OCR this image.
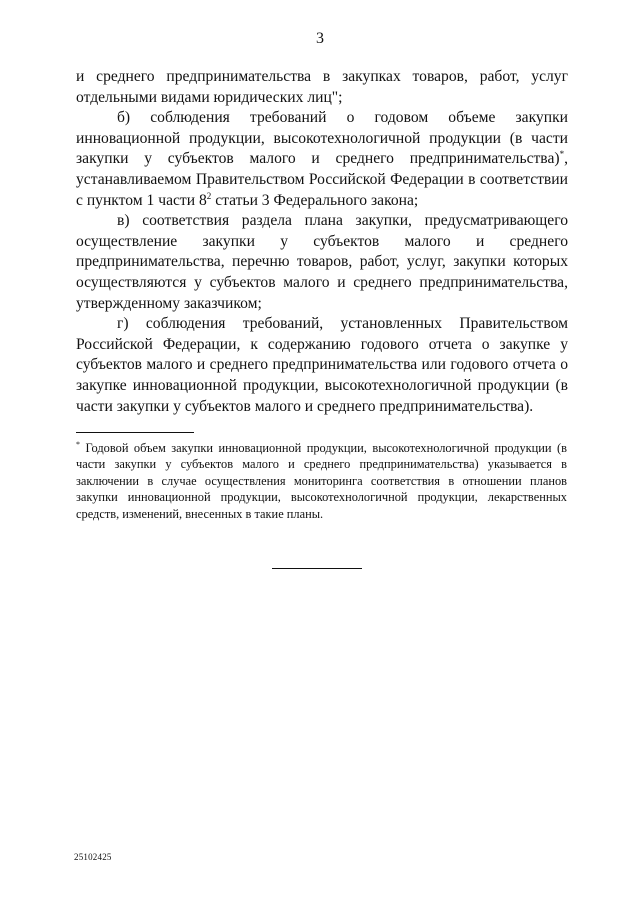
3

и среднего предпринимательства в закупках товаров, работ, услуг отдельными видами юридических лиц";

б) соблюдения требований о годовом объеме закупки инновационной продукции, высокотехнологичной продукции (в части закупки у субъектов малого и среднего предпринимательства)*, устанавливаемом Правительством Российской Федерации в соответствии с пунктом 1 части $8^2$ статьи 3 Федерального закона;

в) соответствия раздела плана закупки, предусматривающего осуществление закупки у субъектов малого и среднего предпринимательства, перечню товаров, работ, услуг, закупки которых осуществляются у субъектов малого и среднего предпринимательства, утвержденному заказчиком;

г) соблюдения требований, установленных Правительством Российской Федерации, к содержанию годового отчета о закупке у субъектов малого и среднего предпринимательства или годового отчета о закупке инновационной продукции, высокотехнологичной продукции (в части закупки у субъектов малого и среднего предпринимательства).

* Годовой объем закупки инновационной продукции, высокотехнологичной продукции (в части закупки у субъектов малого и среднего предпринимательства) указывается в заключении в случае осуществления мониторинга соответствия в отношении планов закупки инновационной продукции, высокотехнологичной продукции, лекарственных средств, изменений, внесенных в такие планы.

25102425
